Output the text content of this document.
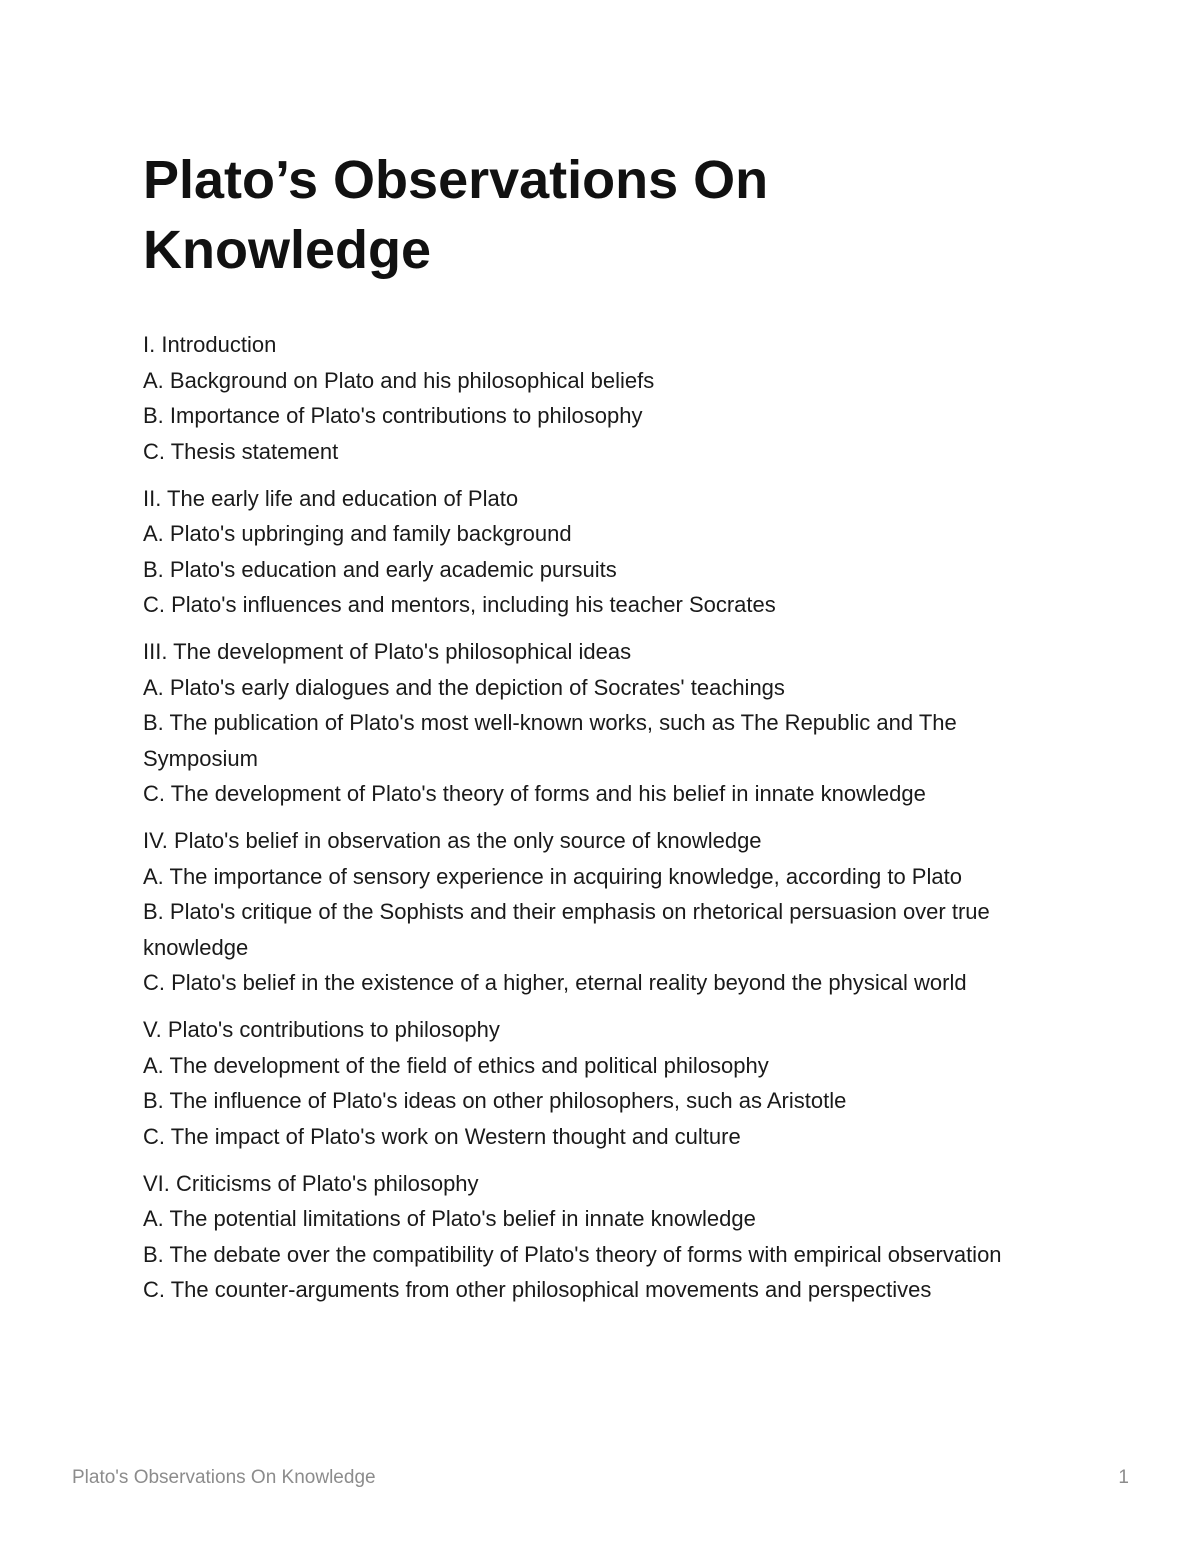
Plato’s Observations On Knowledge

I. Introduction

A. Background on Plato and his philosophical beliefs

B. Importance of Plato's contributions to philosophy

C. Thesis statement

II. The early life and education of Plato

A. Plato's upbringing and family background

B. Plato's education and early academic pursuits

C. Plato's influences and mentors, including his teacher Socrates

III. The development of Plato's philosophical ideas

A. Plato's early dialogues and the depiction of Socrates' teachings

B. The publication of Plato's most well-known works, such as The Republic and The Symposium

C. The development of Plato's theory of forms and his belief in innate knowledge

IV. Plato's belief in observation as the only source of knowledge

A. The importance of sensory experience in acquiring knowledge, according to Plato

B. Plato's critique of the Sophists and their emphasis on rhetorical persuasion over true knowledge

C. Plato's belief in the existence of a higher, eternal reality beyond the physical world

V. Plato's contributions to philosophy

A. The development of the field of ethics and political philosophy

B. The influence of Plato's ideas on other philosophers, such as Aristotle

C. The impact of Plato's work on Western thought and culture

VI. Criticisms of Plato's philosophy

A. The potential limitations of Plato's belief in innate knowledge

B. The debate over the compatibility of Plato's theory of forms with empirical observation

C. The counter-arguments from other philosophical movements and perspectives

Plato's Observations On Knowledge	1
